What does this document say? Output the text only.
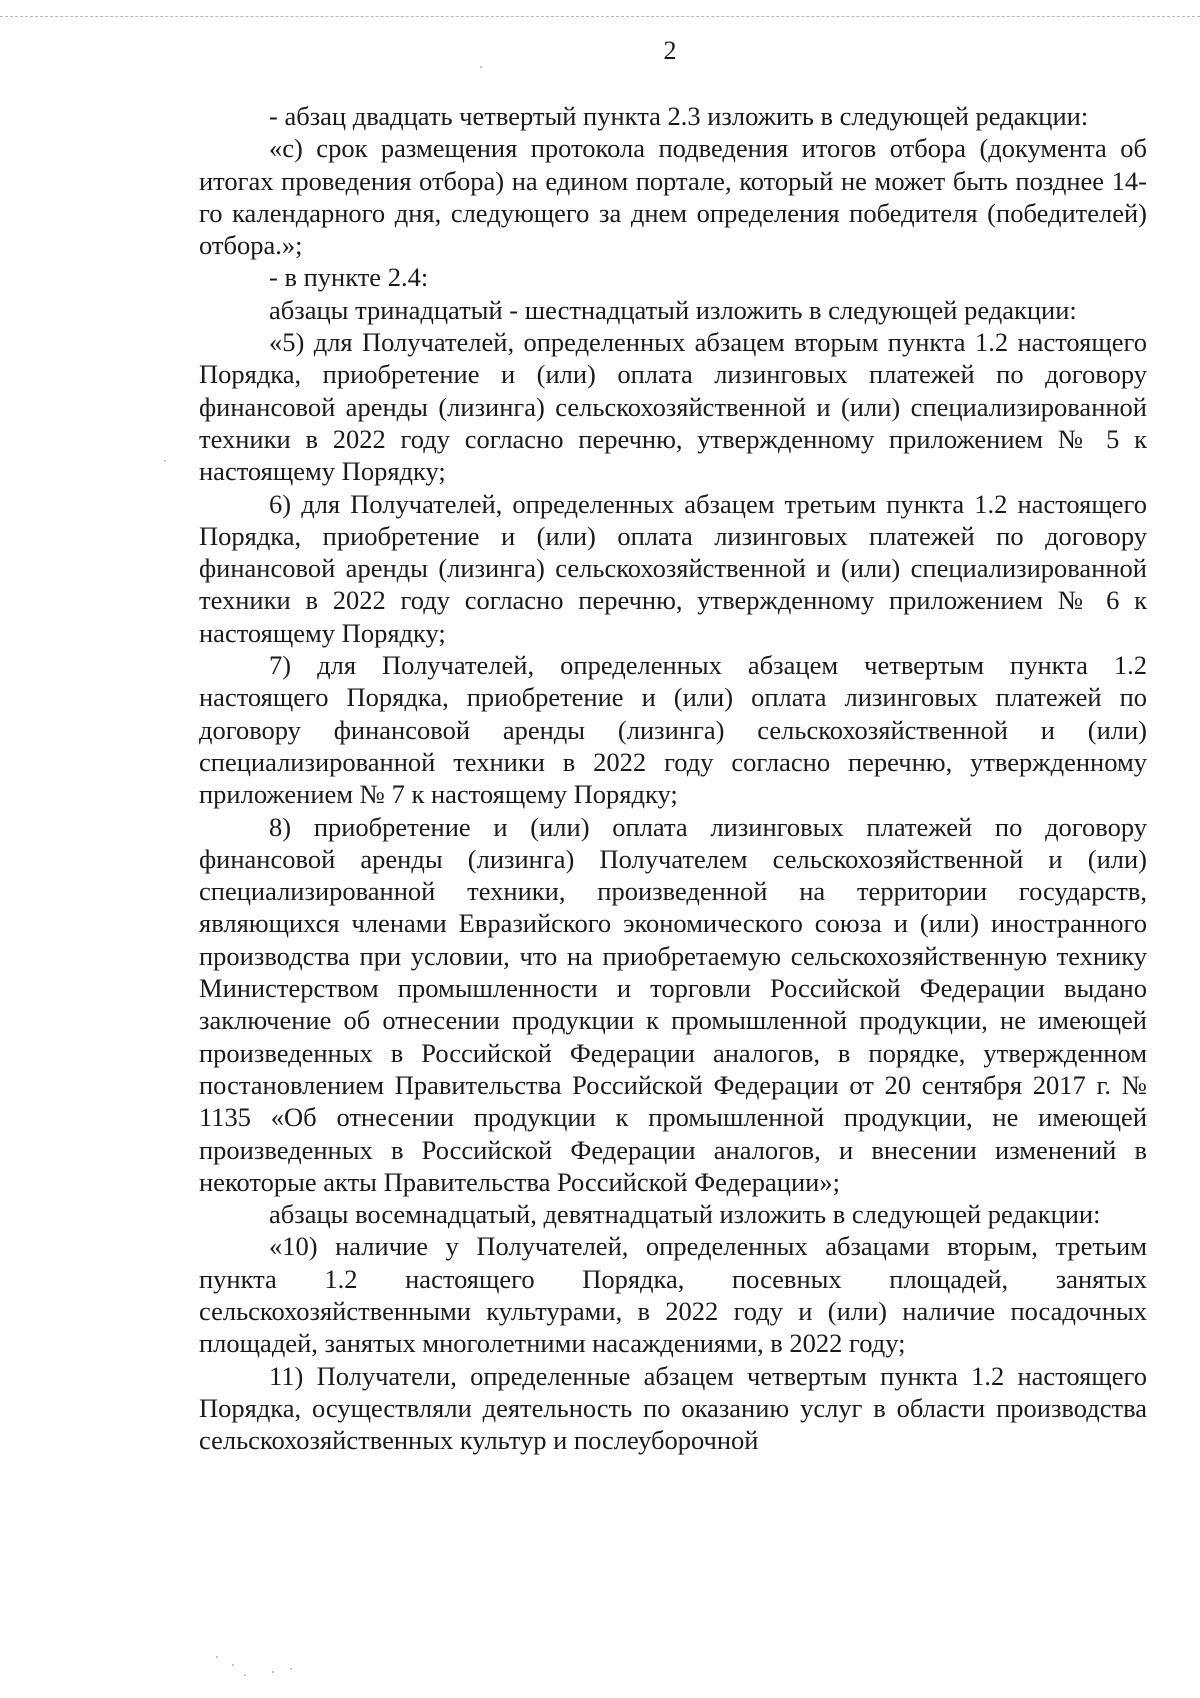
2

- абзац двадцать четвертый пункта 2.3 изложить в следующей редакции:

«с) срок размещения протокола подведения итогов отбора (документа об итогах проведения отбора) на едином портале, который не может быть позднее 14-го календарного дня, следующего за днем определения победителя (победителей) отбора.»;

- в пункте 2.4:

абзацы тринадцатый - шестнадцатый изложить в следующей редакции:

«5) для Получателей, определенных абзацем вторым пункта 1.2 настоящего Порядка, приобретение и (или) оплата лизинговых платежей по договору финансовой аренды (лизинга) сельскохозяйственной и (или) специализированной техники в 2022 году согласно перечню, утвержденному приложением № 5 к настоящему Порядку;

6) для Получателей, определенных абзацем третьим пункта 1.2 настоящего Порядка, приобретение и (или) оплата лизинговых платежей по договору финансовой аренды (лизинга) сельскохозяйственной и (или) специализированной техники в 2022 году согласно перечню, утвержденному приложением № 6 к настоящему Порядку;

7) для Получателей, определенных абзацем четвертым пункта 1.2 настоящего Порядка, приобретение и (или) оплата лизинговых платежей по договору финансовой аренды (лизинга) сельскохозяйственной и (или) специализированной техники в 2022 году согласно перечню, утвержденному приложением № 7 к настоящему Порядку;

8) приобретение и (или) оплата лизинговых платежей по договору финансовой аренды (лизинга) Получателем сельскохозяйственной и (или) специализированной техники, произведенной на территории государств, являющихся членами Евразийского экономического союза и (или) иностранного производства при условии, что на приобретаемую сельскохозяйственную технику Министерством промышленности и торговли Российской Федерации выдано заключение об отнесении продукции к промышленной продукции, не имеющей произведенных в Российской Федерации аналогов, в порядке, утвержденном постановлением Правительства Российской Федерации от 20 сентября 2017 г. № 1135 «Об отнесении продукции к промышленной продукции, не имеющей произведенных в Российской Федерации аналогов, и внесении изменений в некоторые акты Правительства Российской Федерации»;

абзацы восемнадцатый, девятнадцатый изложить в следующей редакции:

«10) наличие у Получателей, определенных абзацами вторым, третьим пункта 1.2 настоящего Порядка, посевных площадей, занятых сельскохозяйственными культурами, в 2022 году и (или) наличие посадочных площадей, занятых многолетними насаждениями, в 2022 году;

11) Получатели, определенные абзацем четвертым пункта 1.2 настоящего Порядка, осуществляли деятельность по оказанию услуг в области производства сельскохозяйственных культур и послеуборочной
